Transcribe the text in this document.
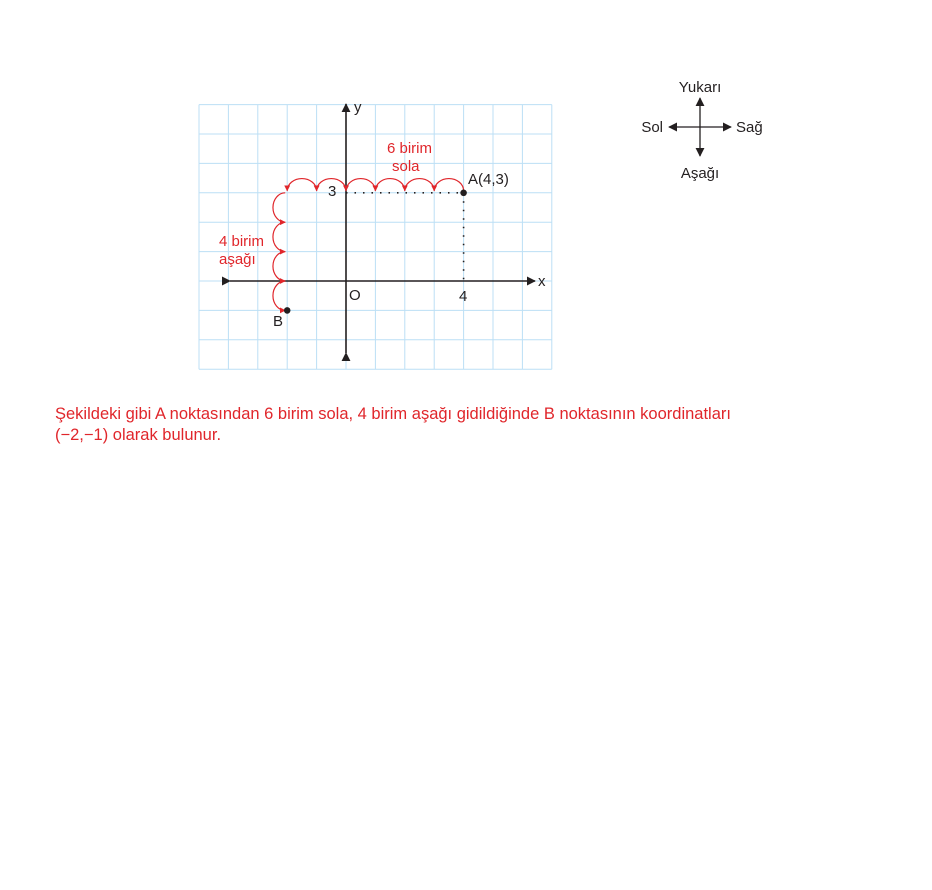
x
y
O	4
3
A(4,3)
B
6 birim
sola
4 birim
aşağı
Yukarı
Aşağı
Sol	Sağ
Şekildeki gibi A noktasından 6 birim sola, 4 birim aşağı gidildiğinde B noktasının koordinatları
(−2,−1) olarak bulunur.
